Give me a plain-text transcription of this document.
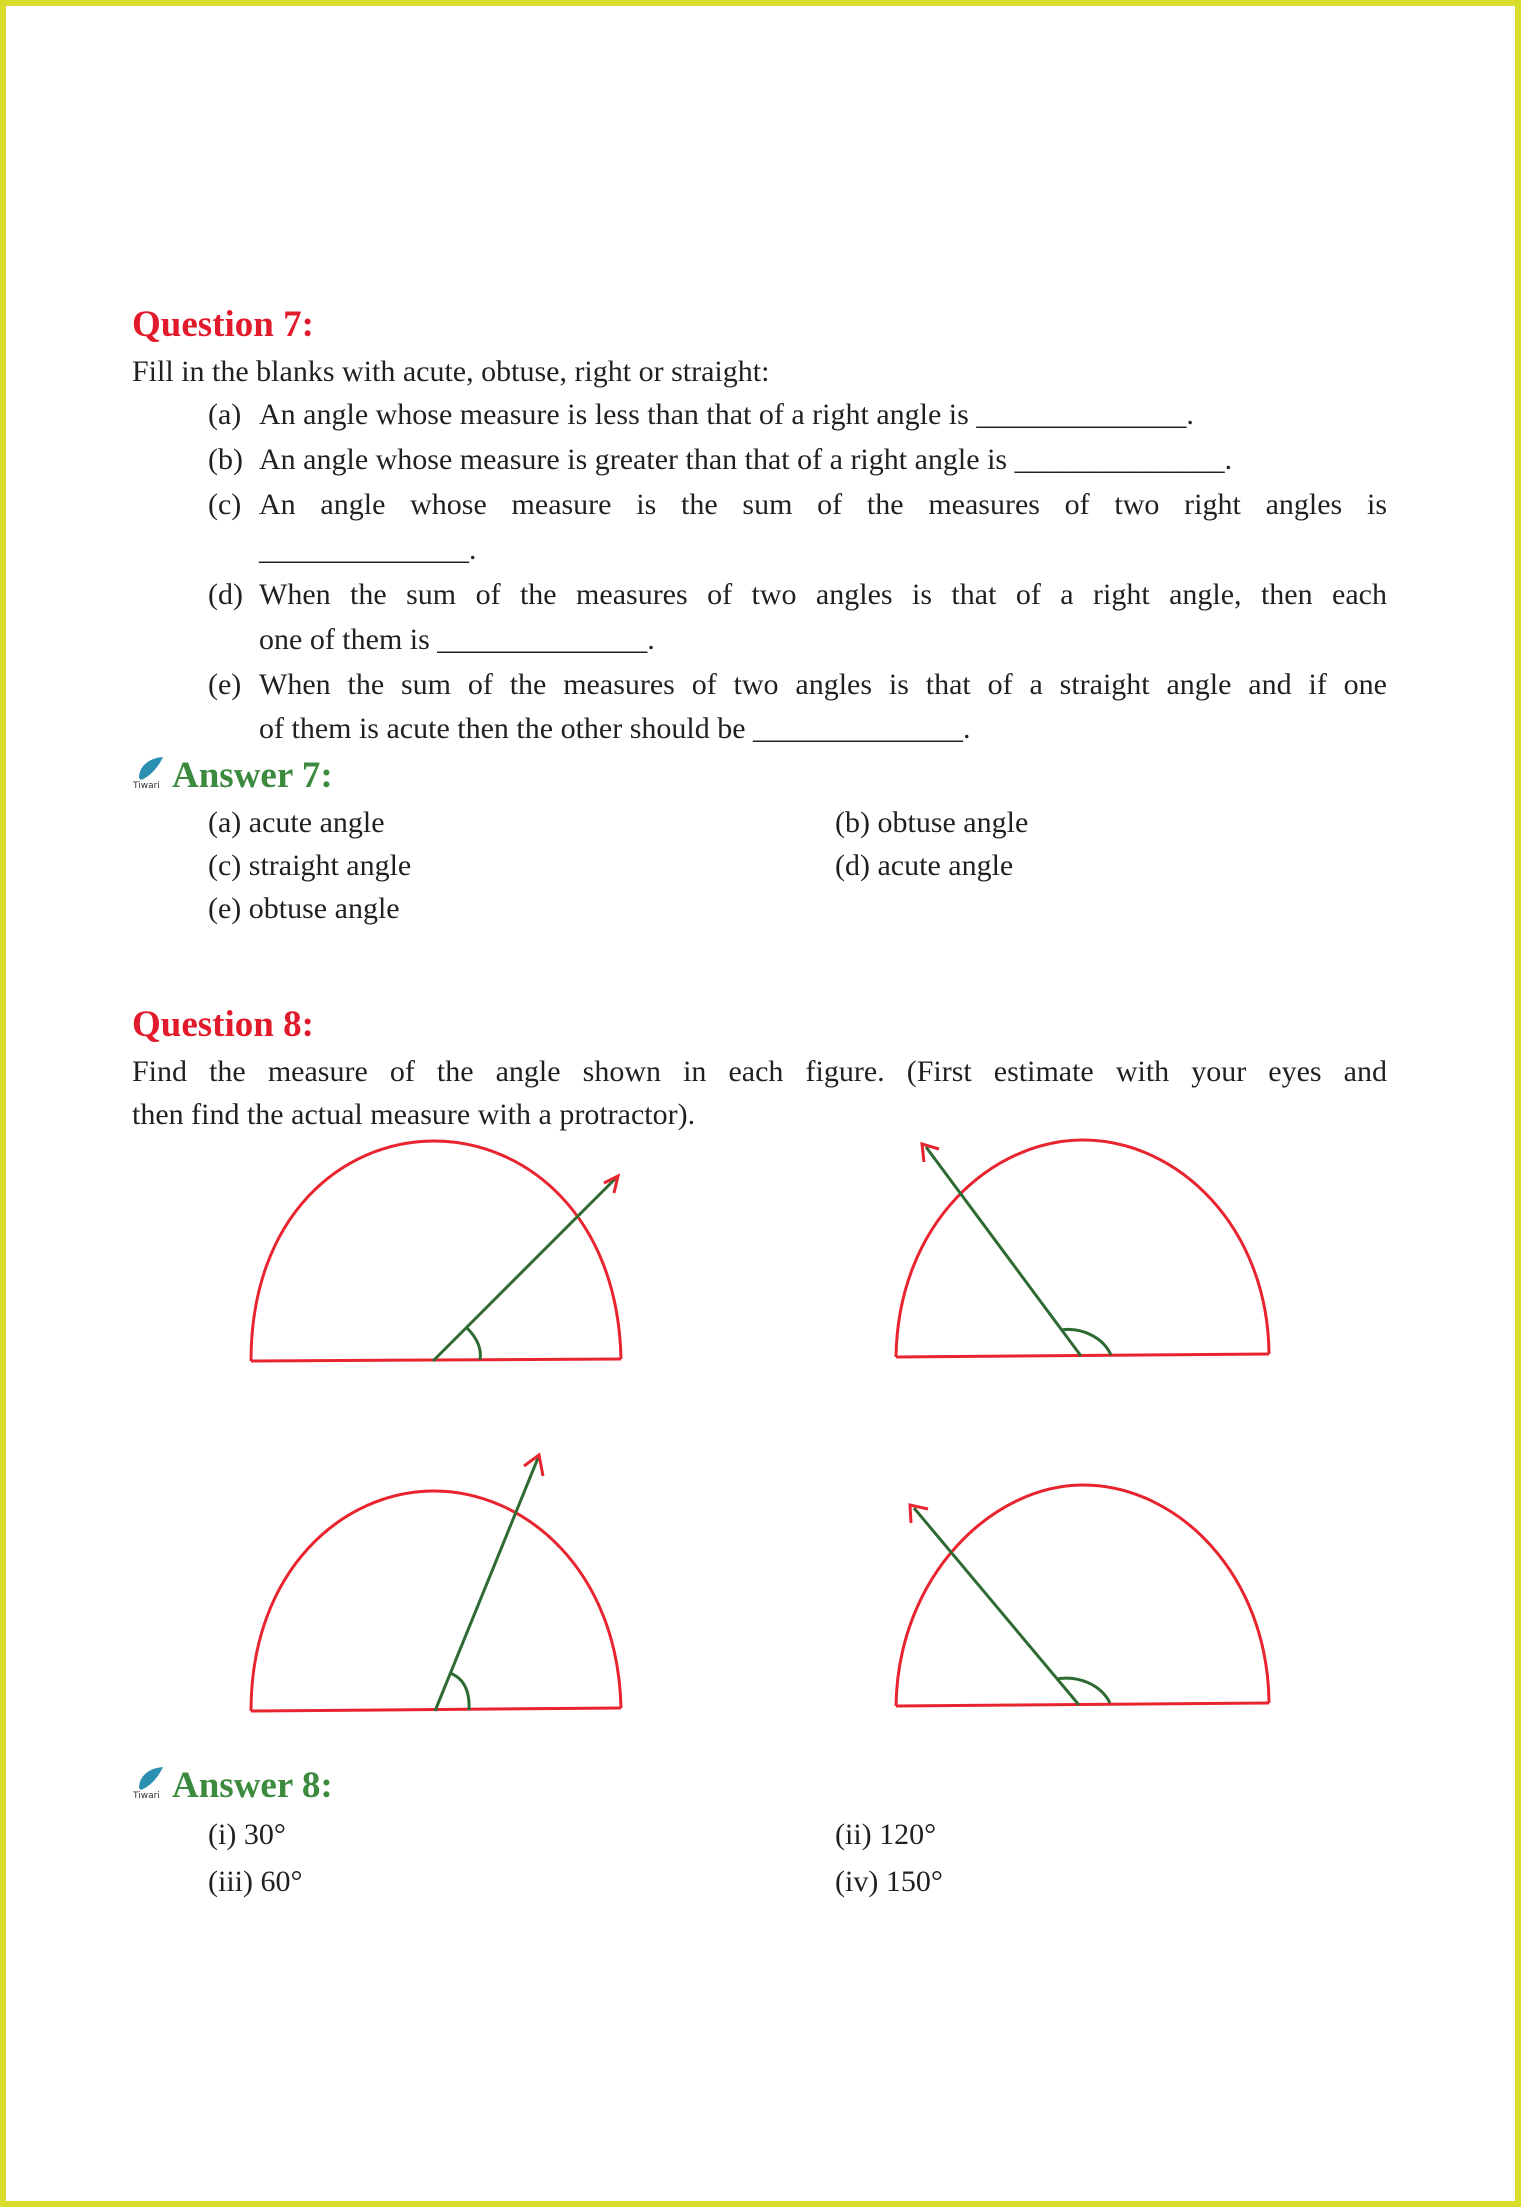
Question 7:
Fill in the blanks with acute, obtuse, right or straight:
(a) An angle whose measure is less than that of a right angle is ______________.
(b) An angle whose measure is greater than that of a right angle is ______________.
(c) An angle whose measure is the sum of the measures of two right angles is
______________.
(d) When the sum of the measures of two angles is that of a right angle, then each
one of them is ______________.
(e) When the sum of the measures of two angles is that of a straight angle and if one
of them is acute then the other should be ______________.
Tiwari Answer 7:
(a) acute angle	(b) obtuse angle
(c) straight angle	(d) acute angle
(e) obtuse angle
Question 8:
Find the measure of the angle shown in each figure. (First estimate with your eyes and
then find the actual measure with a protractor).
Tiwari Answer 8:
(i) 30°	(ii) 120°
(iii) 60°	(iv) 150°
